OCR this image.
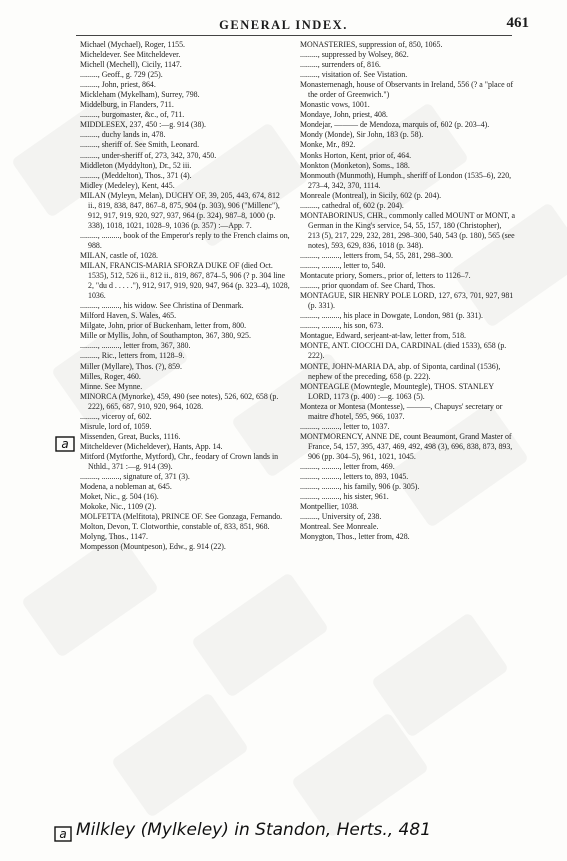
GENERAL INDEX.	461
Michael (Mychael), Roger, 1155.
Micheldever. See Mitcheldever.
Michell (Mechell), Cicily, 1147.
........., Geoff., g. 729 (25).
........., John, priest, 864.
Mickleham (Mykelham), Surrey, 798.
Middelburg, in Flanders, 711.
........., burgomaster, &c., of, 711.
MIDDLESEX, 237, 450 :—g. 914 (38).
........., duchy lands in, 478.
........., sheriff of. See Smith, Leonard.
........., under-sheriff of, 273, 342, 370, 450.
Middleton (Myddylton), Dr., 52 iii.
........., (Meddelton), Thos., 371 (4).
Midley (Medeley), Kent, 445.
MILAN (Myleyn, Melan), DUCHY OF, 39, 205, 443, 674, 812 ii., 819, 838, 847, 867–8, 875, 904 (p. 303), 906 ("Millenc"), 912, 917, 919, 920, 927, 937, 964 (p. 324), 987–8, 1000 (p. 338), 1018, 1021, 1028–9, 1036 (p. 357) :—App. 7.
........., ........., book of the Emperor's reply to the French claims on, 988.
MILAN, castle of, 1028.
MILAN, FRANCIS-MARIA SFORZA DUKE OF (died Oct. 1535), 512, 526 ii., 812 ii., 819, 867, 874–5, 906 (? p. 304 line 2, "du d . . . . ."), 912, 917, 919, 920, 947, 964 (p. 323–4), 1028, 1036.
........., ........., his widow. See Christina of Denmark.
Milford Haven, S. Wales, 465.
Milgate, John, prior of Buckenham, letter from, 800.
Mille or Myllis, John, of Southampton, 367, 380, 925.
........., ........., letter from, 367, 380.
........., Ric., letters from, 1128–9.
Miller (Myllare), Thos. (?), 859.
Milles, Roger, 460.
Minne. See Mynne.
MINORCA (Mynorke), 459, 490 (see notes), 526, 602, 658 (p. 222), 665, 687, 910, 920, 964, 1028.
........., viceroy of, 602.
Misrule, lord of, 1059.
Missenden, Great, Bucks, 1116.
Mitcheldever (Micheldever), Hants, App. 14.
Mitford (Mytforthe, Mytford), Chr., feodary of Crown lands in Nthld., 371 :—g. 914 (39).
........., ........., signature of, 371 (3).
Modena, a nobleman at, 645.
Moket, Nic., g. 504 (16).
Mokoke, Nic., 1109 (2).
MOLFETTA (Melfitota), PRINCE OF. See Gonzaga, Fernando.
Molton, Devon, T. Clotworthie, constable of, 833, 851, 968.
Molyng, Thos., 1147.
Mompesson (Mountpeson), Edw., g. 914 (22).
MONASTERIES, suppression of, 850, 1065.
........., suppressed by Wolsey, 862.
........., surrenders of, 816.
........., visitation of. See Vistation.
Monasternenagh, house of Observants in Ireland, 556 (? a "place of the order of Greenwich.")
Monastic vows, 1001.
Mondaye, John, priest, 408.
Mondejar, ——— de Mendoza, marquis of, 602 (p. 203–4).
Mondy (Monde), Sir John, 183 (p. 58).
Monke, Mr., 892.
Monks Horton, Kent, prior of, 464.
Monkton (Monketon), Soms., 188.
Monmouth (Munmoth), Humph., sheriff of London (1535–6), 220, 273–4, 342, 370, 1114.
Monreale (Montreal), in Sicily, 602 (p. 204).
........., cathedral of, 602 (p. 204).
MONTABORINUS, CHR., commonly called MOUNT or MONT, a German in the King's service, 54, 55, 157, 180 (Christopher), 213 (5), 217, 229, 232, 281, 298–300, 540, 543 (p. 180), 565 (see notes), 593, 629, 836, 1018 (p. 348).
........., ........., letters from, 54, 55, 281, 298–300.
........., ........., letter to, 540.
Montacute priory, Somers., prior of, letters to 1126–7.
........., prior quondam of. See Chard, Thos.
MONTAGUE, SIR HENRY POLE LORD, 127, 673, 701, 927, 981 (p. 331).
........., ........., his place in Dowgate, London, 981 (p. 331).
........., ........., his son, 673.
Montague, Edward, serjeant-at-law, letter from, 518.
MONTE, ANT. CIOCCHI DA, CARDINAL (died 1533), 658 (p. 222).
MONTE, JOHN-MARIA DA, abp. of Siponta, cardinal (1536), nephew of the preceding, 658 (p. 222).
MONTEAGLE (Mowntegle, Mountegle), THOS. STANLEY LORD, 1173 (p. 400) :—g. 1063 (5).
Monteza or Montesa (Montesse), ———, Chapuys' secretary or maitre d'hotel, 595, 966, 1037.
........., ........., letter to, 1037.
MONTMORENCY, ANNE DE, count Beaumont, Grand Master of France, 54, 157, 395, 437, 469, 492, 498 (3), 696, 838, 873, 893, 906 (pp. 304–5), 961, 1021, 1045.
........., ........., letter from, 469.
........., ........., letters to, 893, 1045.
........., ........., his family, 906 (p. 305).
........., ........., his sister, 961.
Montpellier, 1038.
........., University of, 238.
Montreal. See Monreale.
Monygton, Thos., letter from, 428.
a
a Milkley (Mylkeley) in Standon, Herts., 481
